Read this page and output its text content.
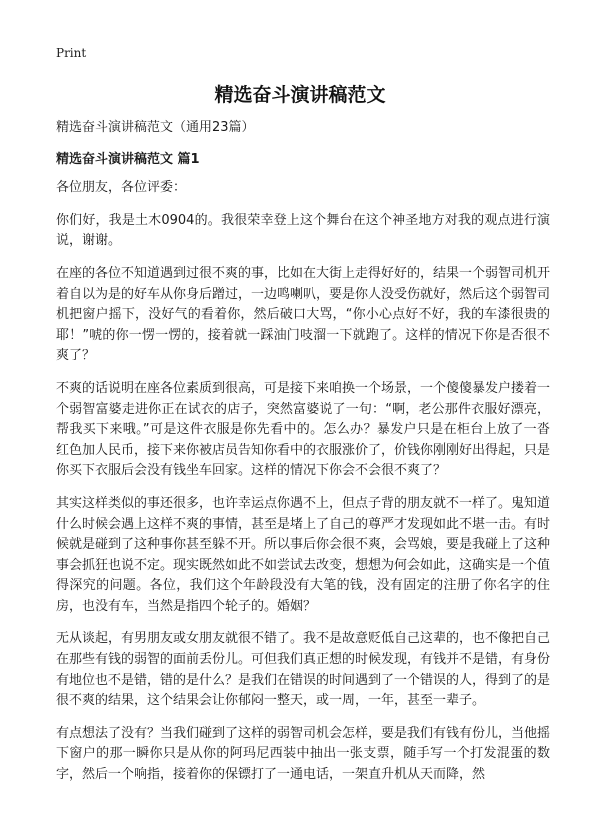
Print
精选奋斗演讲稿范文

精选奋斗演讲稿范文（通用23篇）

精选奋斗演讲稿范文 篇1

各位朋友，各位评委：

你们好，我是土木0904的。我很荣幸登上这个舞台在这个神圣地方对我的观点进行演说，谢谢。

在座的各位不知道遇到过很不爽的事，比如在大街上走得好好的，结果一个弱智司机开着自以为是的好车从你身后蹭过，一边鸣喇叭，要是你人没受伤就好，然后这个弱智司机把窗户摇下，没好气的看着你，然后破口大骂，“你小心点好不好，我的车漆很贵的耶！”唬的你一愣一愣的，接着就一踩油门吱溜一下就跑了。这样的情况下你是否很不爽了？

不爽的话说明在座各位素质到很高，可是接下来咱换一个场景，一个傻傻暴发户搂着一个弱智富婆走进你正在试衣的店子，突然富婆说了一句：“啊，老公那件衣服好漂亮，帮我买下来哦。”可是这件衣服是你先看中的。怎么办？暴发户只是在柜台上放了一沓红色加人民币，接下来你被店员告知你看中的衣服涨价了，价钱你刚刚好出得起，只是你买下衣服后会没有钱坐车回家。这样的情况下你会不会很不爽了？

其实这样类似的事还很多，也许幸运点你遇不上，但点子背的朋友就不一样了。鬼知道什么时候会遇上这样不爽的事情，甚至是堵上了自己的尊严才发现如此不堪一击。有时候就是碰到了这种事你甚至躲不开。所以事后你会很不爽，会骂娘，要是我碰上了这种事会抓狂也说不定。现实既然如此不如尝试去改变，想想为何会如此，这确实是一个值得深究的问题。各位，我们这个年龄段没有大笔的钱，没有固定的注册了你名字的住房，也没有车，当然是指四个轮子的。婚姻？

无从谈起，有男朋友或女朋友就很不错了。我不是故意贬低自己这辈的，也不像把自己在那些有钱的弱智的面前丢份儿。可但我们真正想的时候发现，有钱并不是错，有身份有地位也不是错，错的是什么？是我们在错误的时间遇到了一个错误的人，得到了的是很不爽的结果，这个结果会让你郁闷一整天，或一周，一年，甚至一辈子。

有点想法了没有？当我们碰到了这样的弱智司机会怎样，要是我们有钱有份儿，当他摇下窗户的那一瞬你只是从你的阿玛尼西装中抽出一张支票，随手写一个打发混蛋的数字，然后一个响指，接着你的保镖打了一通电话，一架直升机从天而降，然
